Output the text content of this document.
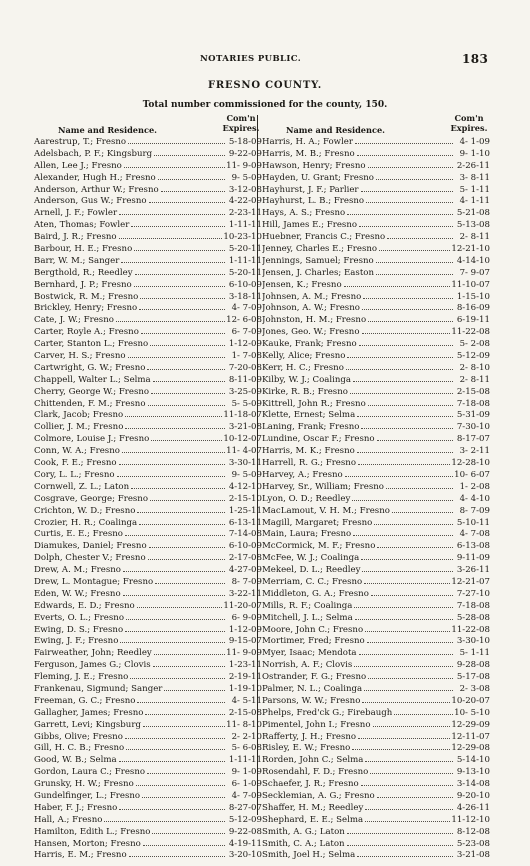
NOTARIES PUBLIC.	183
FRESNO COUNTY.
Total number commissioned for the county, 150.
Name and Residence.
Com'n
Expires.
Aarestrup, T.; Fresno	5-18-09
Adelsbach, P. F.; Kingsburg	9-22-09
Allen, Lee J.; Fresno	11- 9-09
Alexander, Hugh H.; Fresno	9- 5-09
Anderson, Arthur W.; Fresno	3-12-08
Anderson, Gus W.; Fresno	4-22-09
Arnell, J. F.; Fowler	2-23-11
Aten, Thomas; Fowler	1-11-11
Baird, J. R.; Fresno	10-23-10
Barbour, H. E.; Fresno	5-20-11
Barr, W. M.; Sanger	1-11-11
Bergthold, R.; Reedley	5-20-11
Bernhard, J. P.; Fresno	6-10-09
Bostwick, R. M.; Fresno	3-18-11
Brickley, Henry; Fresno	4- 7-09
Cate, J. W.; Fresno	12- 6-08
Carter, Royle A.; Fresno	6- 7-09
Carter, Stanton L.; Fresno	1-12-09
Carver, H. S.; Fresno	1- 7-08
Cartwright, G. W.; Fresno	7-20-08
Chappell, Walter L.; Selma	8-11-09
Cherry, George W.; Fresno	3-25-09
Chittenden, F. M.; Fresno	5- 5-09
Clark, Jacob; Fresno	11-18-07
Collier, J. M.; Fresno	3-21-08
Colmore, Louise J.; Fresno	10-12-07
Conn, W. A.; Fresno	11- 4-07
Cook, F. E.; Fresno	3-30-11
Cory, L. L.; Fresno	9- 5-09
Cornwell, Z. L.; Laton	4-12-10
Cosgrave, George; Fresno	2-15-10
Crichton, W. D.; Fresno	1-25-11
Crozier, H. R.; Coalinga	6-13-11
Curtis, E. E.; Fresno	7-14-08
Diamukes, Daniel; Fresno	6-10-09
Dolph, Chester V.; Fresno	2-17-08
Drew, A. M.; Fresno	4-27-09
Drew, L. Montague; Fresno	8- 7-09
Eden, W. W.; Fresno	3-22-11
Edwards, E. D.; Fresno	11-20-07
Everts, O. L.; Fresno	6- 9-09
Ewing, D. S.; Fresno	1-12-09
Ewing, J. F.; Fresno	9-15-07
Fairweather, John; Reedley	11- 9-09
Ferguson, James G.; Clovis	1-23-11
Fleming, J. E.; Fresno	2-19-11
Frankenau, Sigmund; Sanger	1-19-10
Freeman, G. C.; Fresno	4- 5-11
Gallagher, James; Fresno	2-15-08
Garrett, Levi; Kingsburg	11- 8-10
Gibbs, Olive; Fresno	2- 2-10
Gill, H. C. B.; Fresno	5- 6-08
Good, W. B.; Selma	1-11-11
Gordon, Laura C.; Fresno	9- 1-09
Grunsky, H. W.; Fresno	6- 1-09
Gundelfinger, L.; Fresno	4- 7-09
Haber, F. J.; Fresno	8-27-07
Hall, A.; Fresno	5-12-09
Hamilton, Edith L.; Fresno	9-22-08
Hansen, Morton; Fresno	4-19-11
Harris, E. M.; Fresno	3-20-10
Name and Residence.
Com'n
Expires.
Harris, H. A.; Fowler	4- 1-09
Harris, M. B.; Fresno	9- 1-10
Hawson, Henry; Fresno	2-26-11
Hayden, U. Grant; Fresno	3- 8-11
Hayhurst, J. F.; Parlier	5- 1-11
Hayhurst, L. B.; Fresno	4- 1-11
Hays, A. S.; Fresno	5-21-08
Hill, James E.; Fresno	5-13-08
Huebner, Francis C.; Fresno	2- 8-11
Jenney, Charles E.; Fresno	12-21-10
Jennings, Samuel; Fresno	4-14-10
Jensen, J. Charles; Easton	7- 9-07
Jensen, K.; Fresno	11-10-07
Johnsen, A. M.; Fresno	1-15-10
Johnson, A. W.; Fresno	8-16-09
Johnston, H. M.; Fresno	6-19-11
Jones, Geo. W.; Fresno	11-22-08
Kauke, Frank; Fresno	5- 2-08
Kelly, Alice; Fresno	5-12-09
Kerr, H. C.; Fresno	2- 8-10
Kilby, W. J.; Coalinga	2- 8-11
Kirke, R. B.; Fresno	2-15-08
Kittrell, John R.; Fresno	7-18-08
Klette, Ernest; Selma	5-31-09
Laning, Frank; Fresno	7-30-10
Lundine, Oscar F.; Fresno	8-17-07
Harris, M. K.; Fresno	3- 2-11
Harrell, R. G.; Fresno	12-28-10
Harvey, A.; Fresno	10- 6-07
Harvey, Sr., William; Fresno	1- 2-08
Lyon, O. D.; Reedley	4- 4-10
MacLamout, V. H. M.; Fresno	8- 7-09
Magill, Margaret; Fresno	5-10-11
Main, Laura; Fresno	4- 7-08
McCormick, M. F.; Fresno	6-13-08
McFee, W. J.; Coalinga	9-11-09
Mekeel, D. L.; Reedley	3-26-11
Merriam, C. C.; Fresno	12-21-07
Middleton, G. A.; Fresno	7-27-10
Mills, R. F.; Coalinga	7-18-08
Mitchell, J. L.; Selma	5-28-08
Moore, John C.; Fresno	11-22-08
Mortimer, Fred; Fresno	3-30-10
Myer, Isaac; Mendota	5- 1-11
Norrish, A. F.; Clovis	9-28-08
Ostrander, F. G.; Fresno	5-17-08
Palmer, N. L.; Coalinga	2- 3-08
Parsons, W. W.; Fresno	10-20-07
Phelps, Fred'ck G.; Firebaugh	10- 5-10
Pimentel, John I.; Fresno	12-29-09
Rafferty, J. H.; Fresno	12-11-07
Risley, E. W.; Fresno	12-29-08
Rorden, John C.; Selma	5-14-10
Rosendahl, F. D.; Fresno	9-13-10
Schaefer, J. R.; Fresno	3-14-08
Secklemian, A. G.; Fresno	9-20-10
Shaffer, H. M.; Reedley	4-26-11
Shephard, E. E.; Selma	11-12-10
Smith, A. G.; Laton	8-12-08
Smith, C. A.; Laton	5-23-08
Smith, Joel H.; Selma	3-21-08
